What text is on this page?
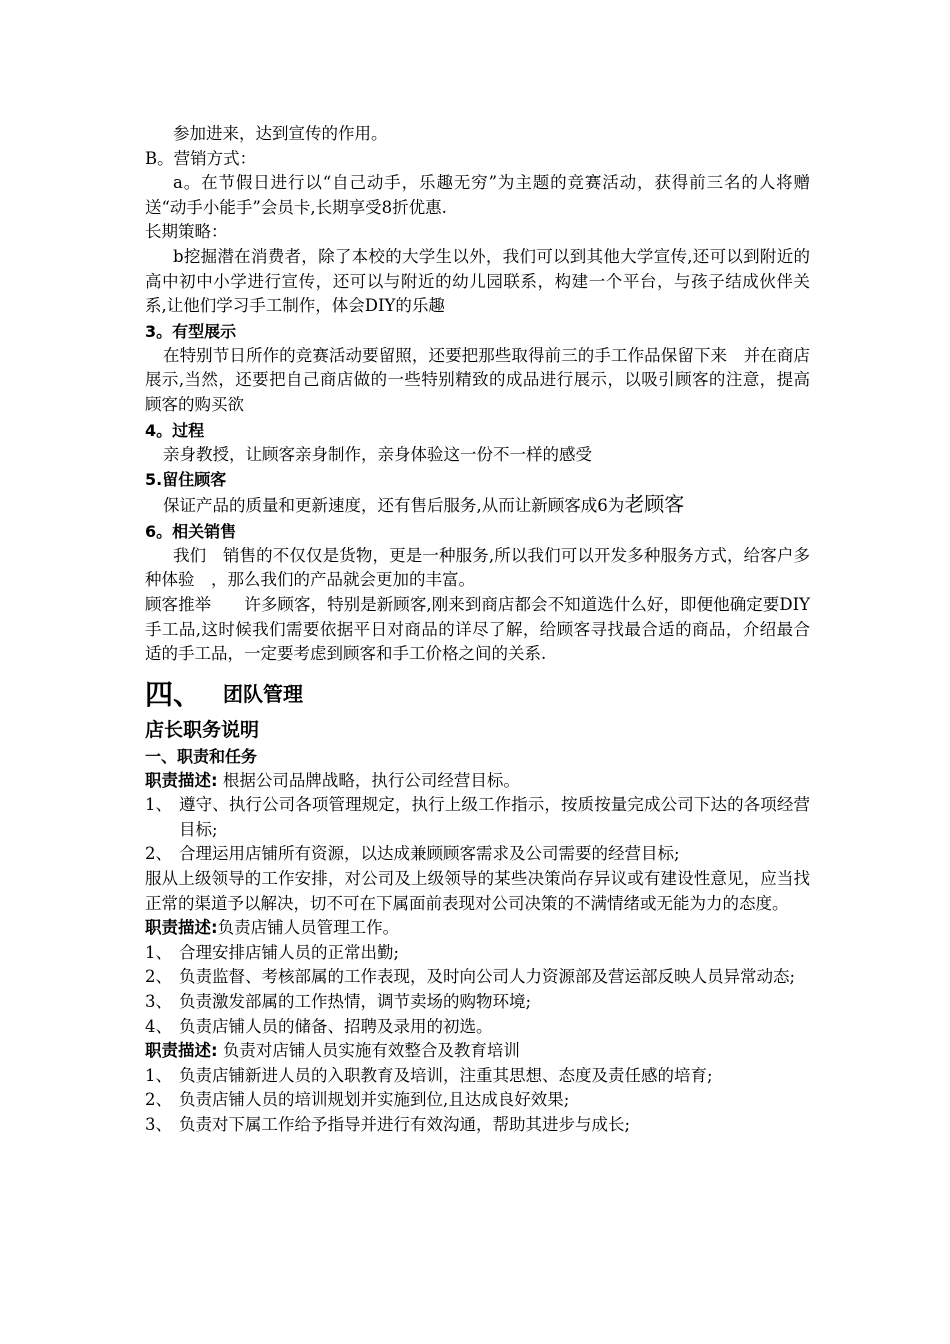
参加进来，达到宣传的作用。

B。营销方式：

a。在节假日进行以“自己动手，乐趣无穷”为主题的竞赛活动，获得前三名的人将赠送“动手小能手”会员卡,长期享受8折优惠.

长期策略：

b挖掘潜在消费者，除了本校的大学生以外，我们可以到其他大学宣传,还可以到附近的高中初中小学进行宣传，还可以与附近的幼儿园联系，构建一个平台，与孩子结成伙伴关系,让他们学习手工制作，体会DIY的乐趣

3。有型展示

在特别节日所作的竞赛活动要留照，还要把那些取得前三的手工作品保留下来　并在商店展示,当然，还要把自己商店做的一些特别精致的成品进行展示，以吸引顾客的注意，提高顾客的购买欲

4。过程

亲身教授，让顾客亲身制作，亲身体验这一份不一样的感受

5.留住顾客

保证产品的质量和更新速度，还有售后服务,从而让新顾客成6为老顾客

6。相关销售

我们　销售的不仅仅是货物，更是一种服务,所以我们可以开发多种服务方式，给客户多种体验　，那么我们的产品就会更加的丰富。

顾客推举　　许多顾客，特别是新顾客,刚来到商店都会不知道选什么好，即便他确定要DIY手工品,这时候我们需要依据平日对商品的详尽了解，给顾客寻找最合适的商品，介绍最合适的手工品，一定要考虑到顾客和手工价格之间的关系.

四、 团队管理

店长职务说明

一、职责和任务

职责描述: 根据公司品牌战略，执行公司经营目标。

1、 遵守、执行公司各项管理规定，执行上级工作指示，按质按量完成公司下达的各项经营目标;
2、 合理运用店铺所有资源，以达成兼顾顾客需求及公司需要的经营目标;

服从上级领导的工作安排，对公司及上级领导的某些决策尚存异议或有建设性意见，应当找正常的渠道予以解决，切不可在下属面前表现对公司决策的不满情绪或无能为力的态度。

职责描述:负责店铺人员管理工作。

1、 合理安排店铺人员的正常出勤;
2、 负责监督、考核部属的工作表现，及时向公司人力资源部及营运部反映人员异常动态;
3、 负责激发部属的工作热情，调节卖场的购物环境;
4、 负责店铺人员的储备、招聘及录用的初选。

职责描述: 负责对店铺人员实施有效整合及教育培训

1、 负责店铺新进人员的入职教育及培训，注重其思想、态度及责任感的培育;
2、 负责店铺人员的培训规划并实施到位,且达成良好效果;
3、 负责对下属工作给予指导并进行有效沟通，帮助其进步与成长;
